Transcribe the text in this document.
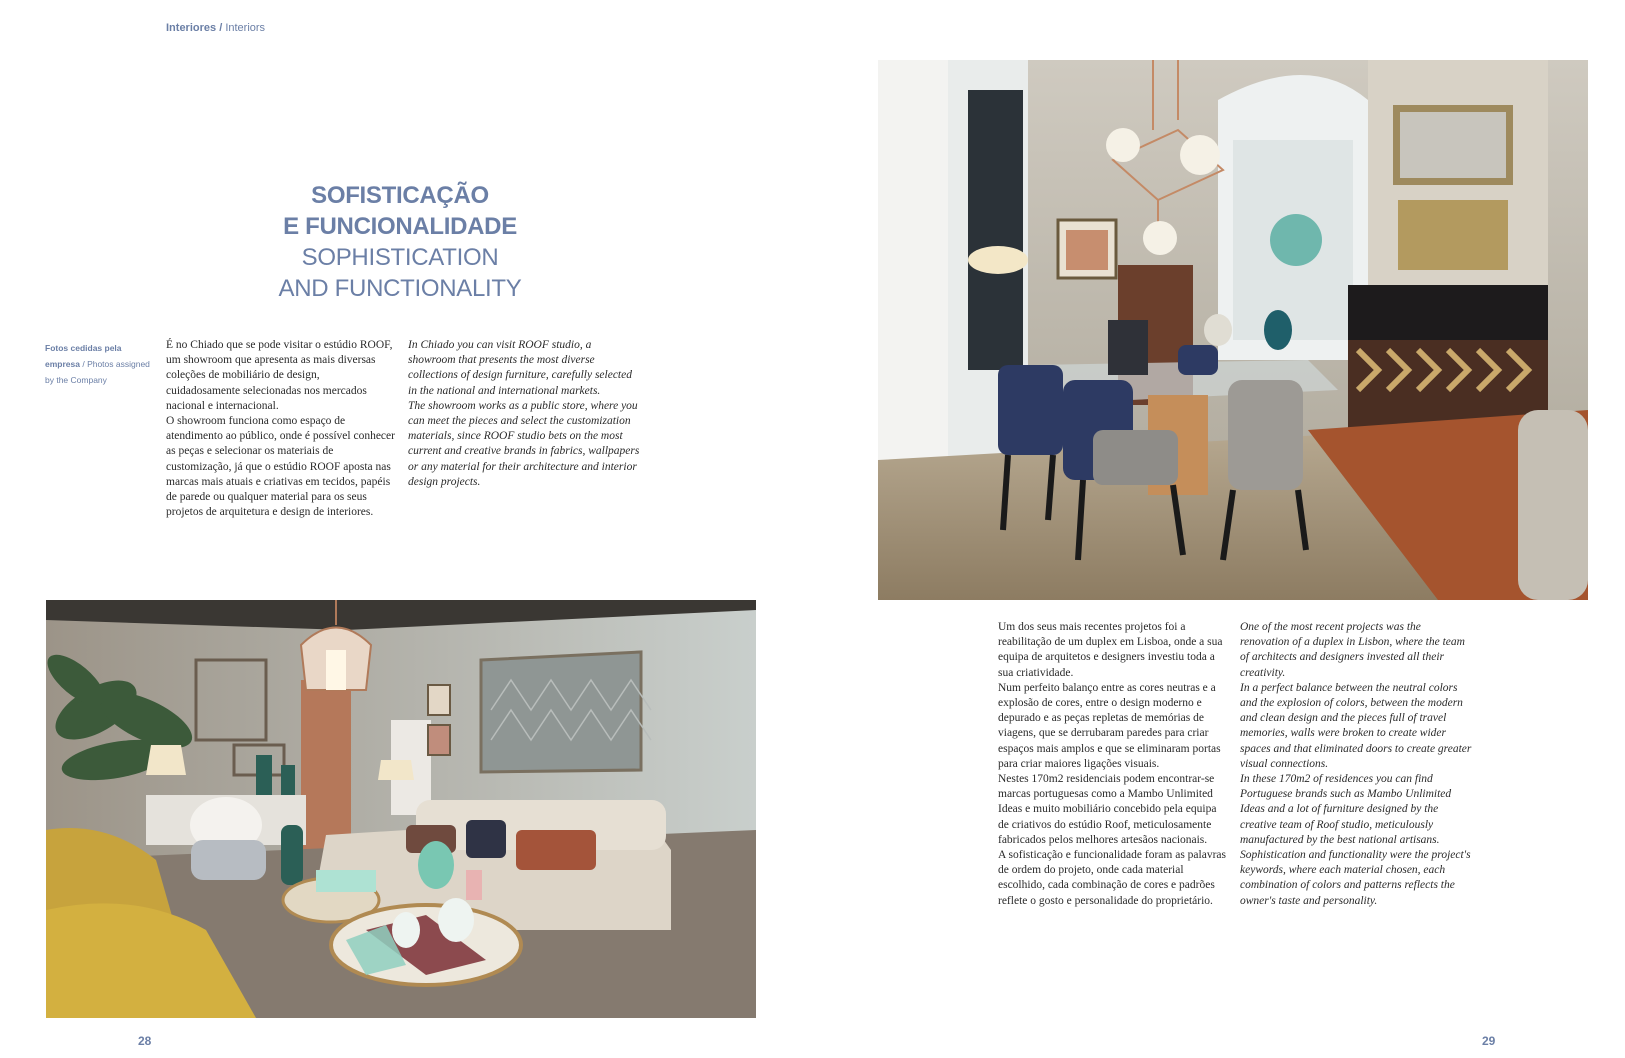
Interiores / Interiors
SOFISTICAÇÃO
E FUNCIONALIDADE
SOPHISTICATION
AND FUNCTIONALITY
Fotos cedidas pela empresa / Photos assigned by the Company

É no Chiado que se pode visitar o estúdio ROOF, um showroom que apresenta as mais diversas coleções de mobiliário de design, cuidadosamente selecionadas nos mercados nacional e internacional.

O showroom funciona como espaço de atendimento ao público, onde é possível conhecer as peças e selecionar os materiais de customização, já que o estúdio ROOF aposta nas marcas mais atuais e criativas em tecidos, papéis de parede ou qualquer material para os seus projetos de arquitetura e design de interiores.

In Chiado you can visit ROOF studio, a showroom that presents the most diverse collections of design furniture, carefully selected in the national and international markets.

The showroom works as a public store, where you can meet the pieces and select the customization materials, since ROOF studio bets on the most current and creative brands in fabrics, wallpapers or any material for their architecture and interior design projects.

Um dos seus mais recentes projetos foi a reabilitação de um duplex em Lisboa, onde a sua equipa de arquitetos e designers investiu toda a sua criatividade.

Num perfeito balanço entre as cores neutras e a explosão de cores, entre o design moderno e depurado e as peças repletas de memórias de viagens, que se derrubaram paredes para criar espaços mais amplos e que se eliminaram portas para criar maiores ligações visuais.

Nestes 170m2 residenciais podem encontrar-se marcas portuguesas como a Mambo Unlimited Ideas e muito mobiliário concebido pela equipa de criativos do estúdio Roof, meticulosamente fabricados pelos melhores artesãos nacionais.

A sofisticação e funcionalidade foram as palavras de ordem do projeto, onde cada material escolhido, cada combinação de cores e padrões reflete o gosto e personalidade do proprietário.

One of the most recent projects was the renovation of a duplex in Lisbon, where the team of architects and designers invested all their creativity.

In a perfect balance between the neutral colors and the explosion of colors, between the modern and clean design and the pieces full of travel memories, walls were broken to create wider spaces and that eliminated doors to create greater visual connections.

In these 170m2 of residences you can find Portuguese brands such as Mambo Unlimited Ideas and a lot of furniture designed by the creative team of Roof studio, meticulously manufactured by the best national artisans.

Sophistication and functionality were the project's keywords, where each material chosen, each combination of colors and patterns reflects the owner's taste and personality.

28	29
